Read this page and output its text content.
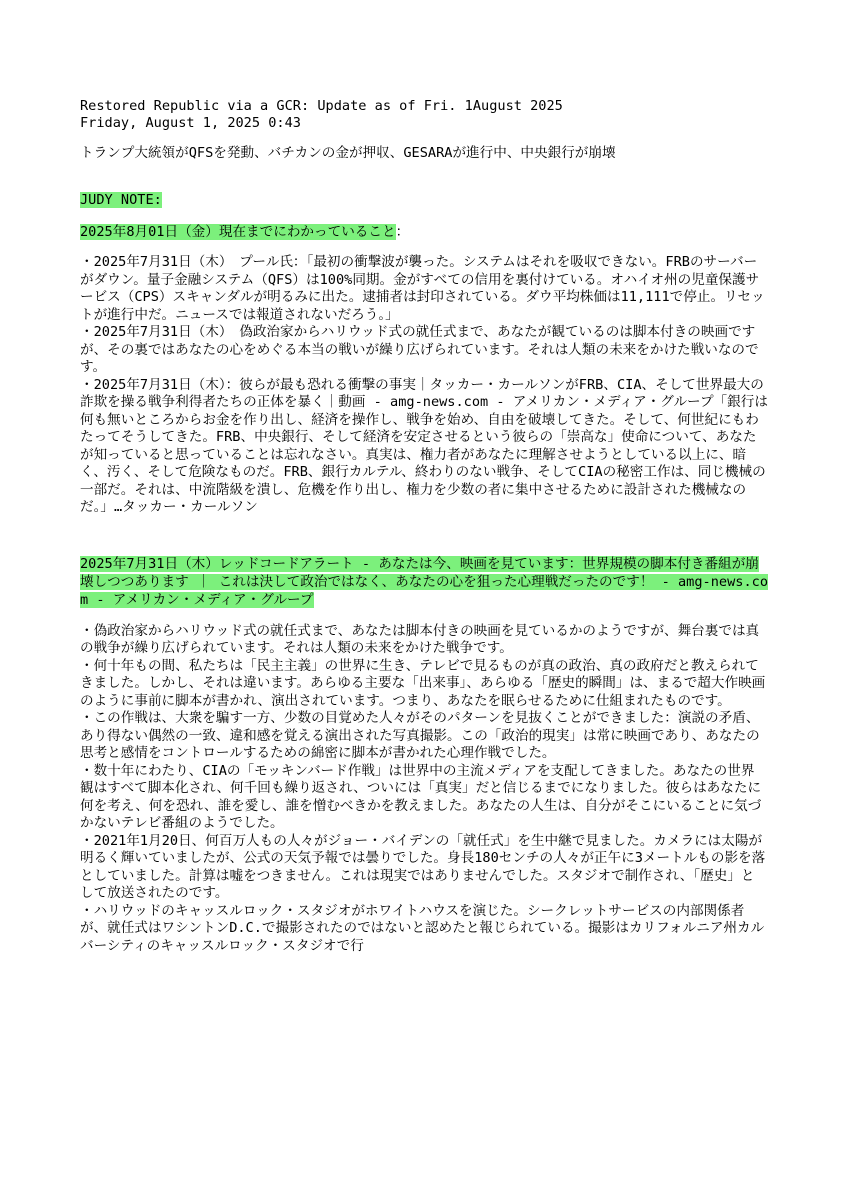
Restored Republic via a GCR: Update as of Fri. 1August 2025

Friday, August 1, 2025 0:43

トランプ大統領がQFSを発動、バチカンの金が押収、GESARAが進行中、中央銀行が崩壊

JUDY NOTE:

2025年8月01日（金）現在までにわかっていること：

・2025年7月31日（木）　プール氏：「最初の衝撃波が襲った。システムはそれを吸収できない。FRBのサーバーがダウン。量子金融システム（QFS）は100%同期。金がすべての信用を裏付けている。オハイオ州の児童保護サービス（CPS）スキャンダルが明るみに出た。逮捕者は封印されている。ダウ平均株価は11,111で停止。リセットが進行中だ。ニュースでは報道されないだろう。」

・2025年7月31日（木）　偽政治家からハリウッド式の就任式まで、あなたが観ているのは脚本付きの映画ですが、その裏ではあなたの心をめぐる本当の戦いが繰り広げられています。それは人類の未来をかけた戦いなのです。

・2025年7月31日（木）：彼らが最も恐れる衝撃の事実｜タッカー・カールソンがFRB、CIA、そして世界最大の詐欺を操る戦争利得者たちの正体を暴く｜動画 - amg-news.com - アメリカン・メディア・グループ「銀行は何も無いところからお金を作り出し、経済を操作し、戦争を始め、自由を破壊してきた。そして、何世紀にもわたってそうしてきた。FRB、中央銀行、そして経済を安定させるという彼らの「崇高な」使命について、あなたが知っていると思っていることは忘れなさい。真実は、権力者があなたに理解させようとしている以上に、暗く、汚く、そして危険なものだ。FRB、銀行カルテル、終わりのない戦争、そしてCIAの秘密工作は、同じ機械の一部だ。それは、中流階級を潰し、危機を作り出し、権力を少数の者に集中させるために設計された機械なのだ。」…タッカー・カールソン

2025年7月31日（木）レッドコードアラート - あなたは今、映画を見ています：世界規模の脚本付き番組が崩壊しつつあります ｜ これは決して政治ではなく、あなたの心を狙った心理戦だったのです！ - amg-news.com - アメリカン・メディア・グループ

・偽政治家からハリウッド式の就任式まで、あなたは脚本付きの映画を見ているかのようですが、舞台裏では真の戦争が繰り広げられています。それは人類の未来をかけた戦争です。

・何十年もの間、私たちは「民主主義」の世界に生き、テレビで見るものが真の政治、真の政府だと教えられてきました。しかし、それは違います。あらゆる主要な「出来事」、あらゆる「歴史的瞬間」は、まるで超大作映画のように事前に脚本が書かれ、演出されています。つまり、あなたを眠らせるために仕組まれたものです。

・この作戦は、大衆を騙す一方、少数の目覚めた人々がそのパターンを見抜くことができました：演説の矛盾、あり得ない偶然の一致、違和感を覚える演出された写真撮影。この「政治的現実」は常に映画であり、あなたの思考と感情をコントロールするための綿密に脚本が書かれた心理作戦でした。

・数十年にわたり、CIAの「モッキンバード作戦」は世界中の主流メディアを支配してきました。あなたの世界観はすべて脚本化され、何千回も繰り返され、ついには「真実」だと信じるまでになりました。彼らはあなたに何を考え、何を恐れ、誰を愛し、誰を憎むべきかを教えました。あなたの人生は、自分がそこにいることに気づかないテレビ番組のようでした。

・2021年1月20日、何百万人もの人々がジョー・バイデンの「就任式」を生中継で見ました。カメラには太陽が明るく輝いていましたが、公式の天気予報では曇りでした。身長180センチの人々が正午に3メートルもの影を落としていました。計算は嘘をつきません。これは現実ではありませんでした。スタジオで制作され、「歴史」として放送されたのです。

・ハリウッドのキャッスルロック・スタジオがホワイトハウスを演じた。シークレットサービスの内部関係者が、就任式はワシントンD.C.で撮影されたのではないと認めたと報じられている。撮影はカリフォルニア州カルバーシティのキャッスルロック・スタジオで行
